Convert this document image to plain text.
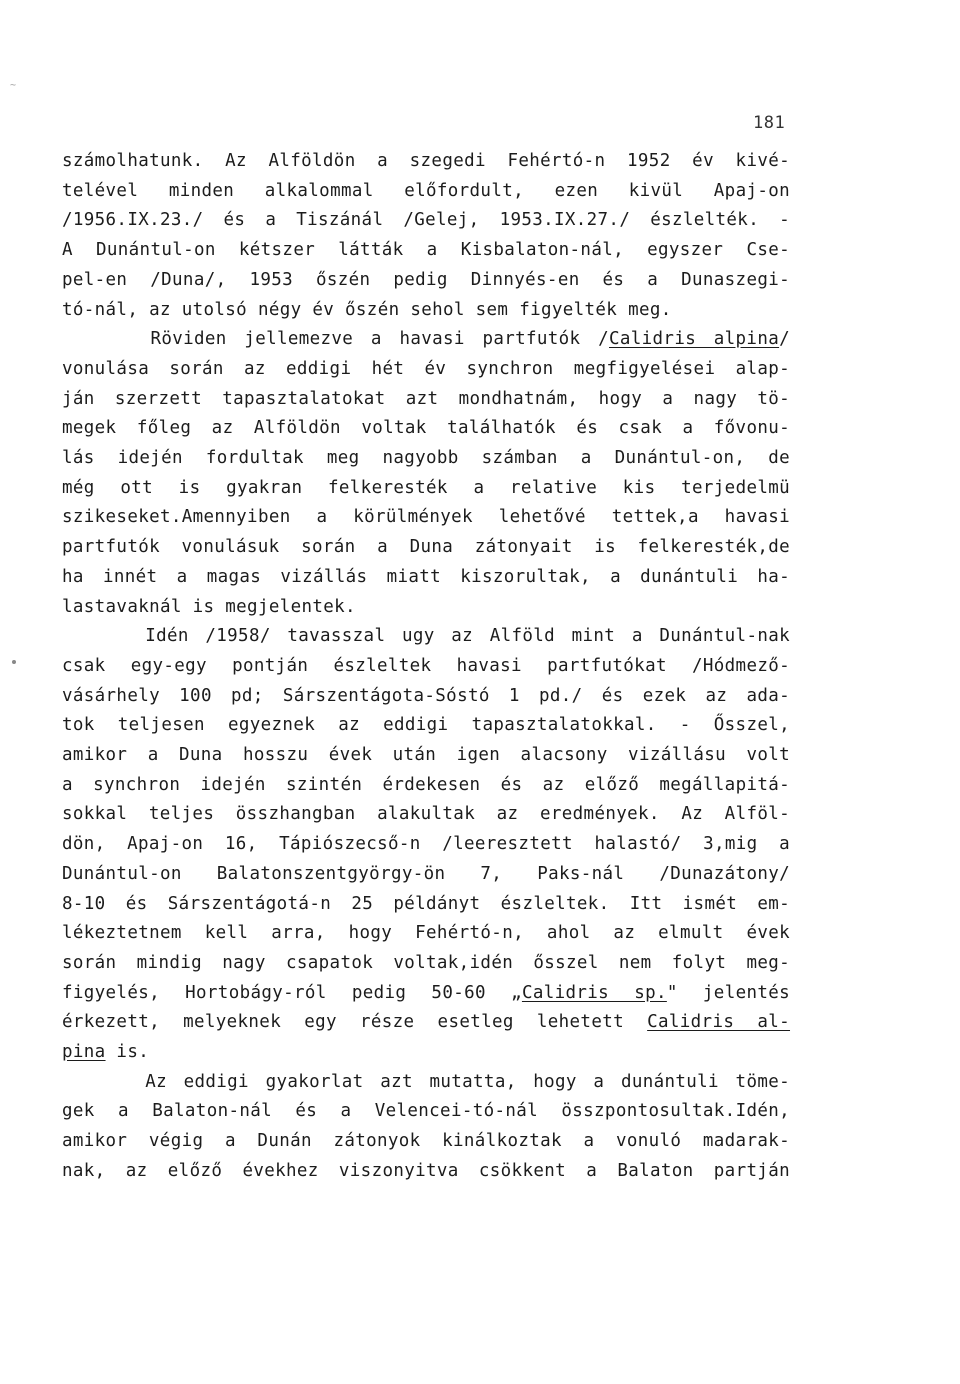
~
181
számolhatunk. Az Alföldön a szegedi Fehértó-n 1952 év kivé-
telével minden alkalommal előfordult, ezen kivül Apaj-on
/1956.IX.23./ és a Tiszánál /Gelej, 1953.IX.27./ észlelték. -
A Dunántul-on kétszer látták a Kisbalaton-nál, egyszer Cse-
pel-en /Duna/, 1953 őszén pedig Dinnyés-en és a Dunaszegi-
tó-nál, az utolsó négy év őszén sehol sem figyelték meg.
Röviden jellemezve a havasi partfutók /Calidris alpina/
vonulása során az eddigi hét év synchron megfigyelései alap-
ján szerzett tapasztalatokat azt mondhatnám, hogy a nagy tö-
megek főleg az Alföldön voltak találhatók és csak a fővonu-
lás idején fordultak meg nagyobb számban a Dunántul-on, de
még ott is gyakran felkeresték a relative kis terjedelmü
szikeseket.Amennyiben a körülmények lehetővé tettek,a havasi
partfutók vonulásuk során a Duna zátonyait is felkeresték,de
ha innét a magas vizállás miatt kiszorultak, a dunántuli ha-
lastavaknál is megjelentek.
Idén /1958/ tavasszal ugy az Alföld mint a Dunántul-nak
csak egy-egy pontján észleltek havasi partfutókat /Hódmező-
vásárhely 100 pd; Sárszentágota-Sóstó 1 pd./ és ezek az ada-
tok teljesen egyeznek az eddigi tapasztalatokkal. - Ősszel,
amikor a Duna hosszu évek után igen alacsony vizállásu volt
a synchron idején szintén érdekesen és az előző megállapitá-
sokkal teljes összhangban alakultak az eredmények. Az Alföl-
dön, Apaj-on 16, Tápiószecső-n /leeresztett halastó/ 3,mig a
Dunántul-on Balatonszentgyörgy-ön 7, Paks-nál /Dunazátony/
8-10 és Sárszentágotá-n 25 példányt észleltek. Itt ismét em-
lékeztetnem kell arra, hogy Fehértó-n, ahol az elmult évek
során mindig nagy csapatok voltak,idén ősszel nem folyt meg-
figyelés, Hortobágy-ról pedig 50-60 „Calidris sp." jelentés
érkezett, melyeknek egy része esetleg lehetett Calidris al-
pina is.
Az eddigi gyakorlat azt mutatta, hogy a dunántuli töme-
gek a Balaton-nál és a Velencei-tó-nál összpontosultak.Idén,
amikor végig a Dunán zátonyok kinálkoztak a vonuló madarak-
nak, az előző évekhez viszonyitva csökkent a Balaton partján
